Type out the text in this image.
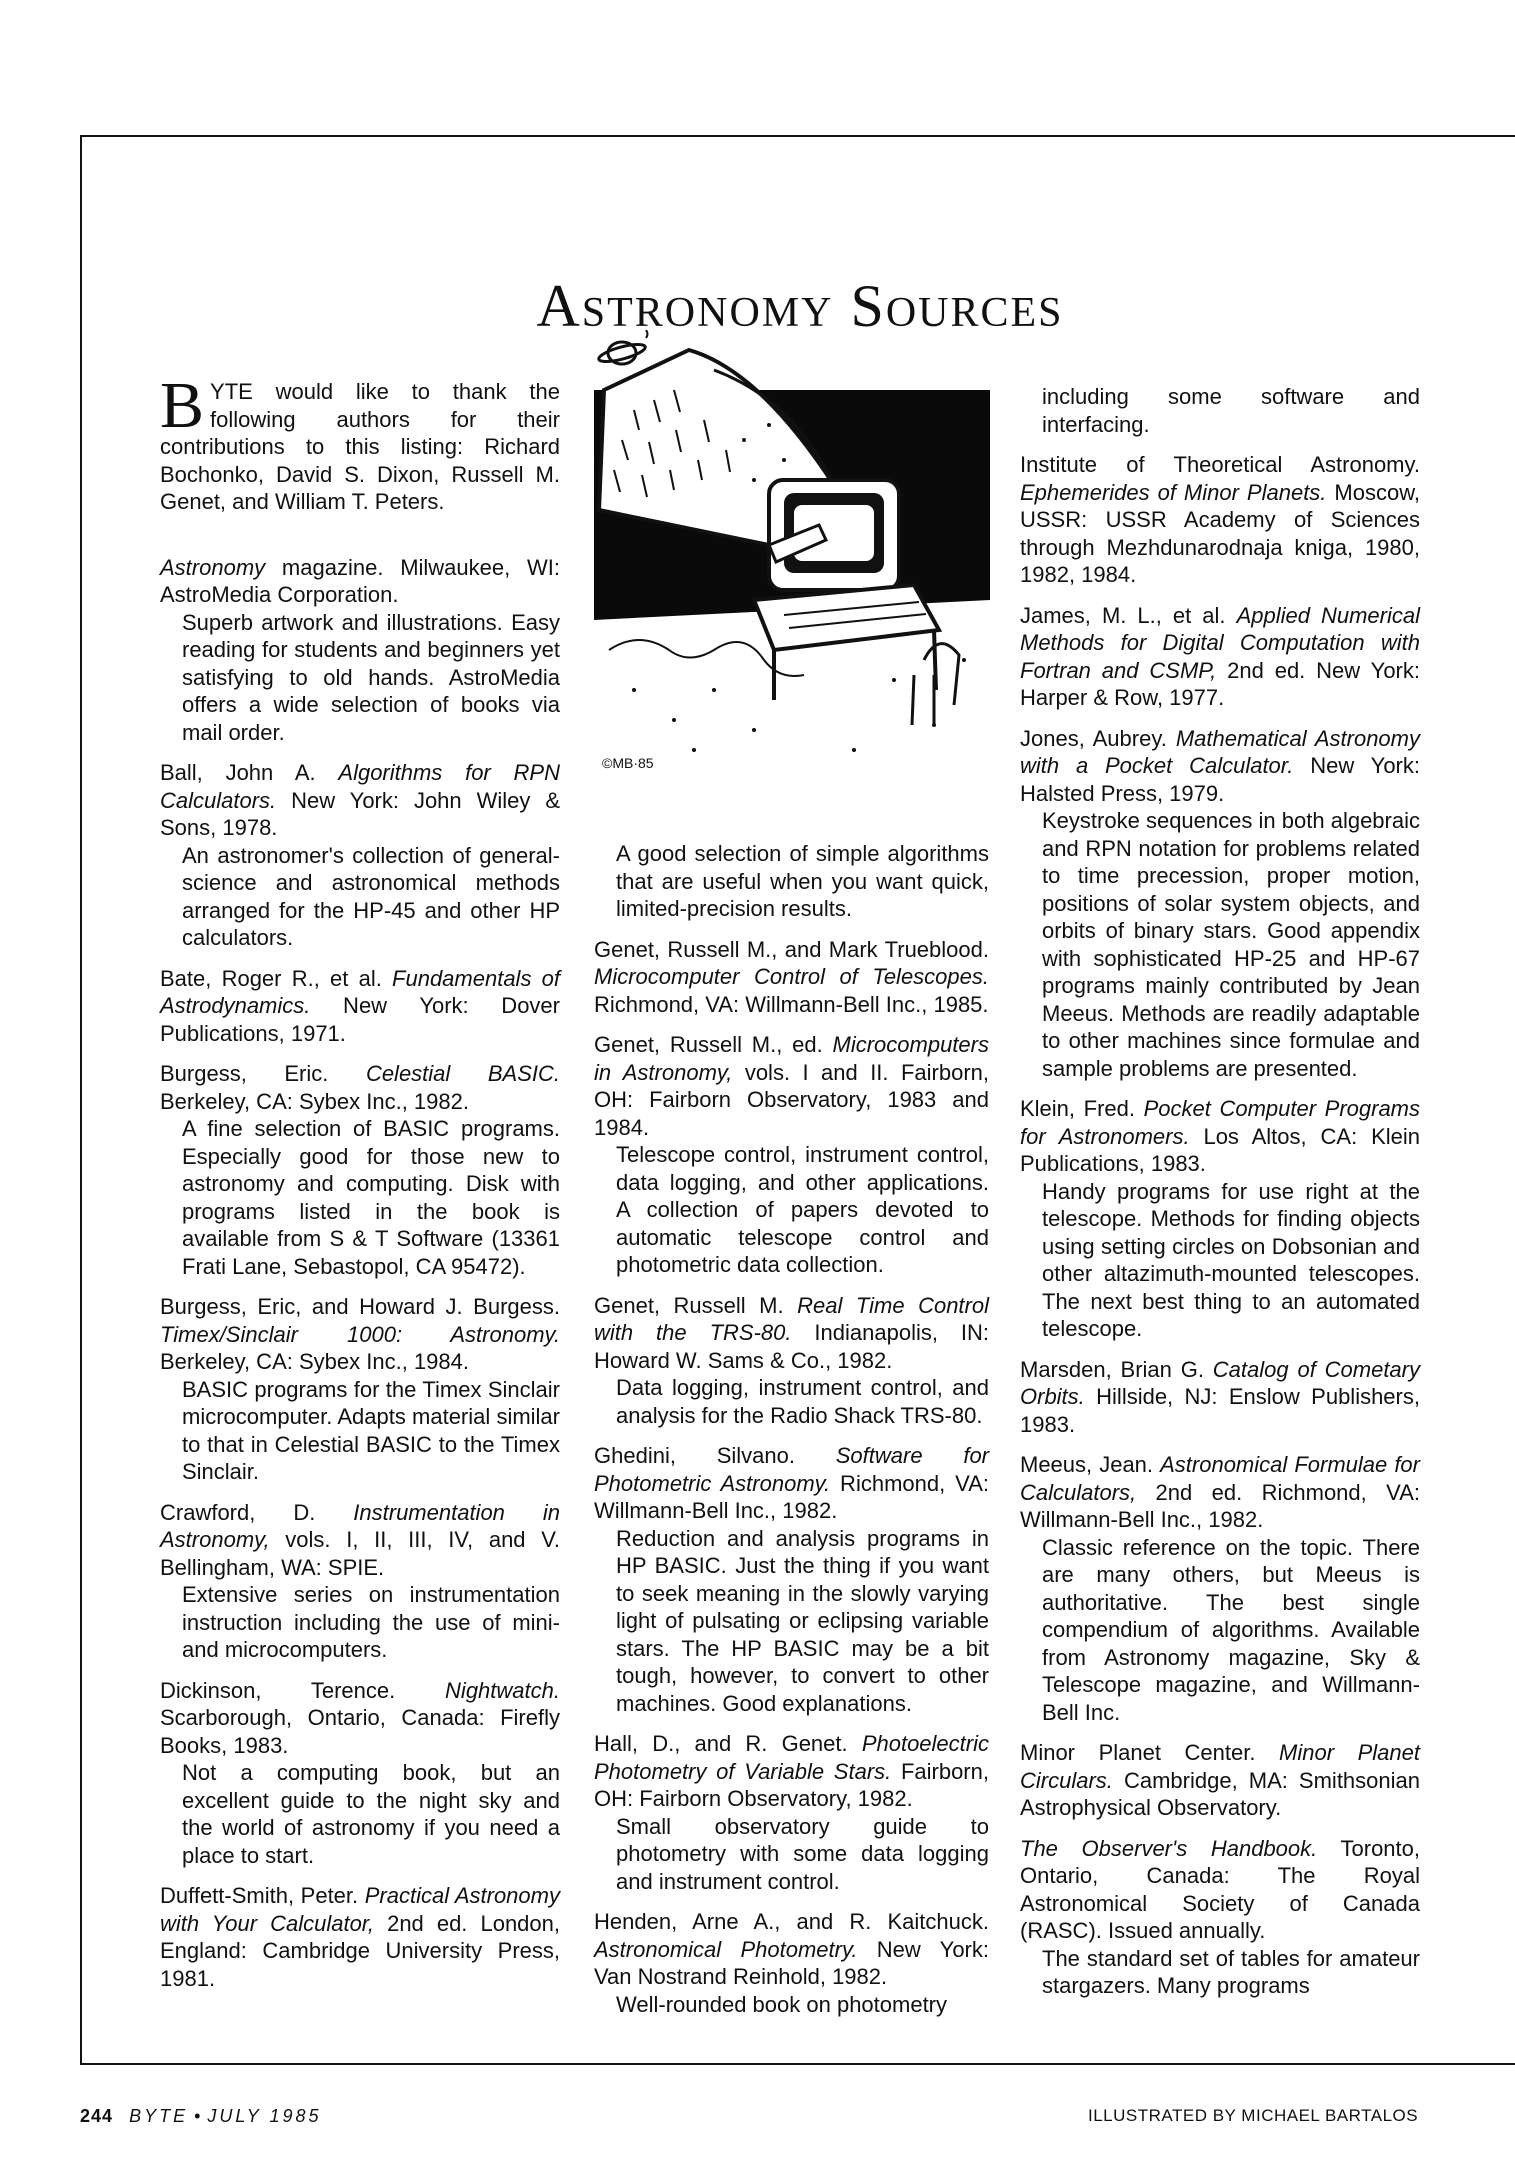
Astronomy Sources

BYTE would like to thank the following authors for their contributions to this listing: Richard Bochonko, David S. Dixon, Russell M. Genet, and William T. Peters.

Astronomy magazine. Milwaukee, WI: AstroMedia Corporation.

Superb artwork and illustrations. Easy reading for students and beginners yet satisfying to old hands. AstroMedia offers a wide selection of books via mail order.

Ball, John A. Algorithms for RPN Calculators. New York: John Wiley & Sons, 1978.

An astronomer's collection of general-science and astronomical methods arranged for the HP-45 and other HP calculators.

Bate, Roger R., et al. Fundamentals of Astrodynamics. New York: Dover Publications, 1971.

Burgess, Eric. Celestial BASIC. Berkeley, CA: Sybex Inc., 1982.

A fine selection of BASIC programs. Especially good for those new to astronomy and computing. Disk with programs listed in the book is available from S & T Software (13361 Frati Lane, Sebastopol, CA 95472).

Burgess, Eric, and Howard J. Burgess. Timex/Sinclair 1000: Astronomy. Berkeley, CA: Sybex Inc., 1984.

BASIC programs for the Timex Sinclair microcomputer. Adapts material similar to that in Celestial BASIC to the Timex Sinclair.

Crawford, D. Instrumentation in Astronomy, vols. I, II, III, IV, and V. Bellingham, WA: SPIE.

Extensive series on instrumentation instruction including the use of mini- and microcomputers.

Dickinson, Terence. Nightwatch. Scarborough, Ontario, Canada: Firefly Books, 1983.

Not a computing book, but an excellent guide to the night sky and the world of astronomy if you need a place to start.

Duffett-Smith, Peter. Practical Astronomy with Your Calculator, 2nd ed. London, England: Cambridge University Press, 1981.

©MB·85

A good selection of simple algorithms that are useful when you want quick, limited-precision results.

Genet, Russell M., and Mark Trueblood. Microcomputer Control of Telescopes. Richmond, VA: Willmann-Bell Inc., 1985.

Genet, Russell M., ed. Microcomputers in Astronomy, vols. I and II. Fairborn, OH: Fairborn Observatory, 1983 and 1984.

Telescope control, instrument control, data logging, and other applications. A collection of papers devoted to automatic telescope control and photometric data collection.

Genet, Russell M. Real Time Control with the TRS-80. Indianapolis, IN: Howard W. Sams & Co., 1982.

Data logging, instrument control, and analysis for the Radio Shack TRS-80.

Ghedini, Silvano. Software for Photometric Astronomy. Richmond, VA: Willmann-Bell Inc., 1982.

Reduction and analysis programs in HP BASIC. Just the thing if you want to seek meaning in the slowly varying light of pulsating or eclipsing variable stars. The HP BASIC may be a bit tough, however, to convert to other machines. Good explanations.

Hall, D., and R. Genet. Photoelectric Photometry of Variable Stars. Fairborn, OH: Fairborn Observatory, 1982.

Small observatory guide to photometry with some data logging and instrument control.

Henden, Arne A., and R. Kaitchuck. Astronomical Photometry. New York: Van Nostrand Reinhold, 1982.

Well-rounded book on photometry

including some software and interfacing.

Institute of Theoretical Astronomy. Ephemerides of Minor Planets. Moscow, USSR: USSR Academy of Sciences through Mezhdunarodnaja kniga, 1980, 1982, 1984.

James, M. L., et al. Applied Numerical Methods for Digital Computation with Fortran and CSMP, 2nd ed. New York: Harper & Row, 1977.

Jones, Aubrey. Mathematical Astronomy with a Pocket Calculator. New York: Halsted Press, 1979.

Keystroke sequences in both algebraic and RPN notation for problems related to time precession, proper motion, positions of solar system objects, and orbits of binary stars. Good appendix with sophisticated HP-25 and HP-67 programs mainly contributed by Jean Meeus. Methods are readily adaptable to other machines since formulae and sample problems are presented.

Klein, Fred. Pocket Computer Programs for Astronomers. Los Altos, CA: Klein Publications, 1983.

Handy programs for use right at the telescope. Methods for finding objects using setting circles on Dobsonian and other altazimuth-mounted telescopes. The next best thing to an automated telescope.

Marsden, Brian G. Catalog of Cometary Orbits. Hillside, NJ: Enslow Publishers, 1983.

Meeus, Jean. Astronomical Formulae for Calculators, 2nd ed. Richmond, VA: Willmann-Bell Inc., 1982.

Classic reference on the topic. There are many others, but Meeus is authoritative. The best single compendium of algorithms. Available from Astronomy magazine, Sky & Telescope magazine, and Willmann-Bell Inc.

Minor Planet Center. Minor Planet Circulars. Cambridge, MA: Smithsonian Astrophysical Observatory.

The Observer's Handbook. Toronto, Ontario, Canada: The Royal Astronomical Society of Canada (RASC). Issued annually.

The standard set of tables for amateur stargazers. Many programs

244 BYTE • JULY 1985	ILLUSTRATED BY MICHAEL BARTALOS
